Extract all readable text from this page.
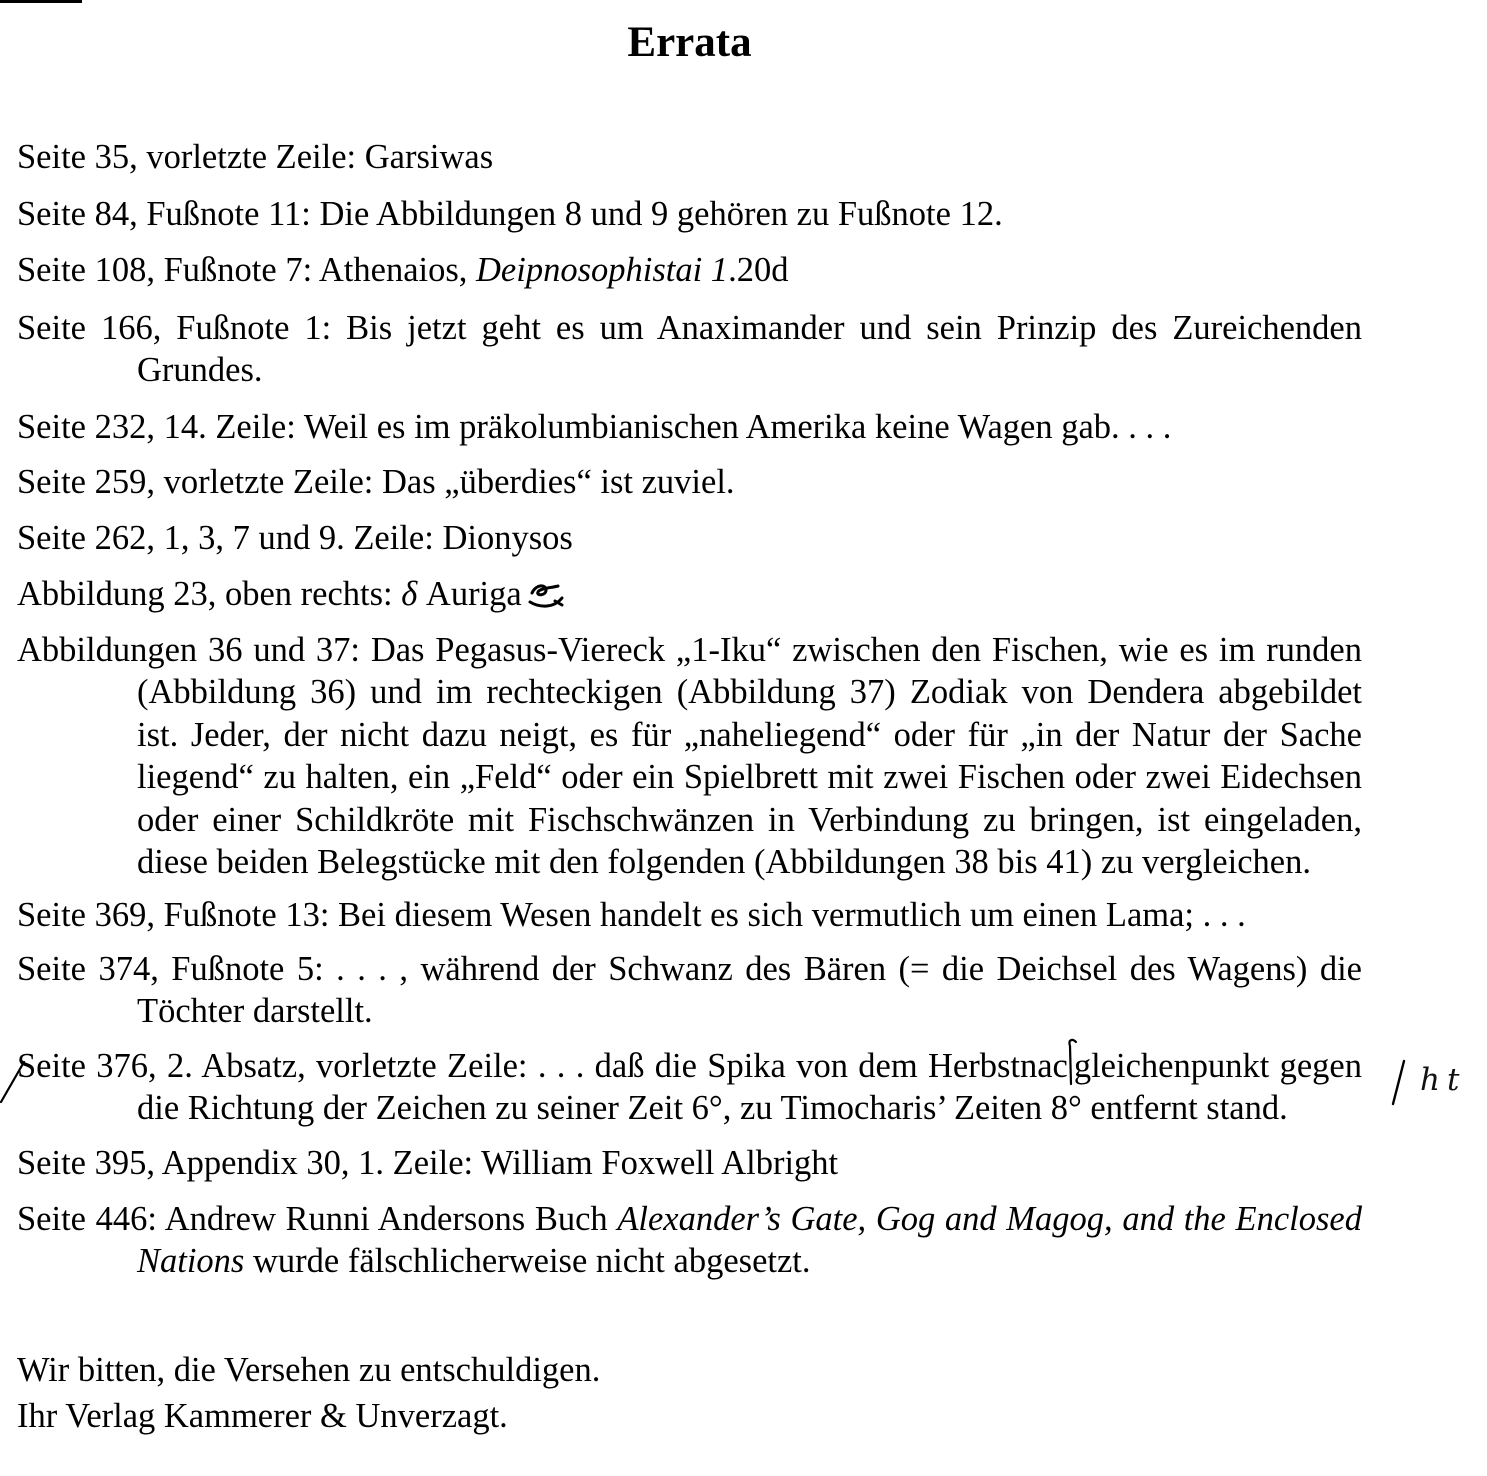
Errata
Seite 35, vorletzte Zeile: Garsiwas
Seite 84, Fußnote 11: Die Abbildungen 8 und 9 gehören zu Fußnote 12.
Seite 108, Fußnote 7: Athenaios, Deipnosophistai 1.20d
Seite 166, Fußnote 1: Bis jetzt geht es um Anaximander und sein Prinzip des Zureichenden
Grundes.
Seite 232, 14. Zeile: Weil es im präkolumbianischen Amerika keine Wagen gab. . . .
Seite 259, vorletzte Zeile: Das „überdies“ ist zuviel.
Seite 262, 1, 3, 7 und 9. Zeile: Dionysos
Abbildung 23, oben rechts: δ Auriga
Abbildungen 36 und 37: Das Pegasus-Viereck „1-Iku“ zwischen den Fischen, wie es im runden
(Abbildung 36) und im rechteckigen (Abbildung 37) Zodiak von Dendera abgebildet
ist. Jeder, der nicht dazu neigt, es für „naheliegend“ oder für „in der Natur der Sache
liegend“ zu halten, ein „Feld“ oder ein Spielbrett mit zwei Fischen oder zwei Eidechsen
oder einer Schildkröte mit Fischschwänzen in Verbindung zu bringen, ist eingeladen,
diese beiden Belegstücke mit den folgenden (Abbildungen 38 bis 41) zu vergleichen.
Seite 369, Fußnote 13: Bei diesem Wesen handelt es sich vermutlich um einen Lama; . . .
Seite 374, Fußnote 5: . . . , während der Schwanz des Bären (= die Deichsel des Wagens) die
Töchter darstellt.
Seite 376, 2. Absatz, vorletzte Zeile: . . . daß die Spika von dem Herbstnac gleichenpunkt gegen
die Richtung der Zeichen zu seiner Zeit 6°, zu Timocharis’ Zeiten 8° entfernt stand.
Seite 395, Appendix 30, 1. Zeile: William Foxwell Albright
Seite 446: Andrew Runni Andersons Buch Alexander’s Gate, Gog and Magog, and the Enclosed
Nations wurde fälschlicherweise nicht abgesetzt.
ht
Wir bitten, die Versehen zu entschuldigen.
Ihr Verlag Kammerer & Unverzagt.
